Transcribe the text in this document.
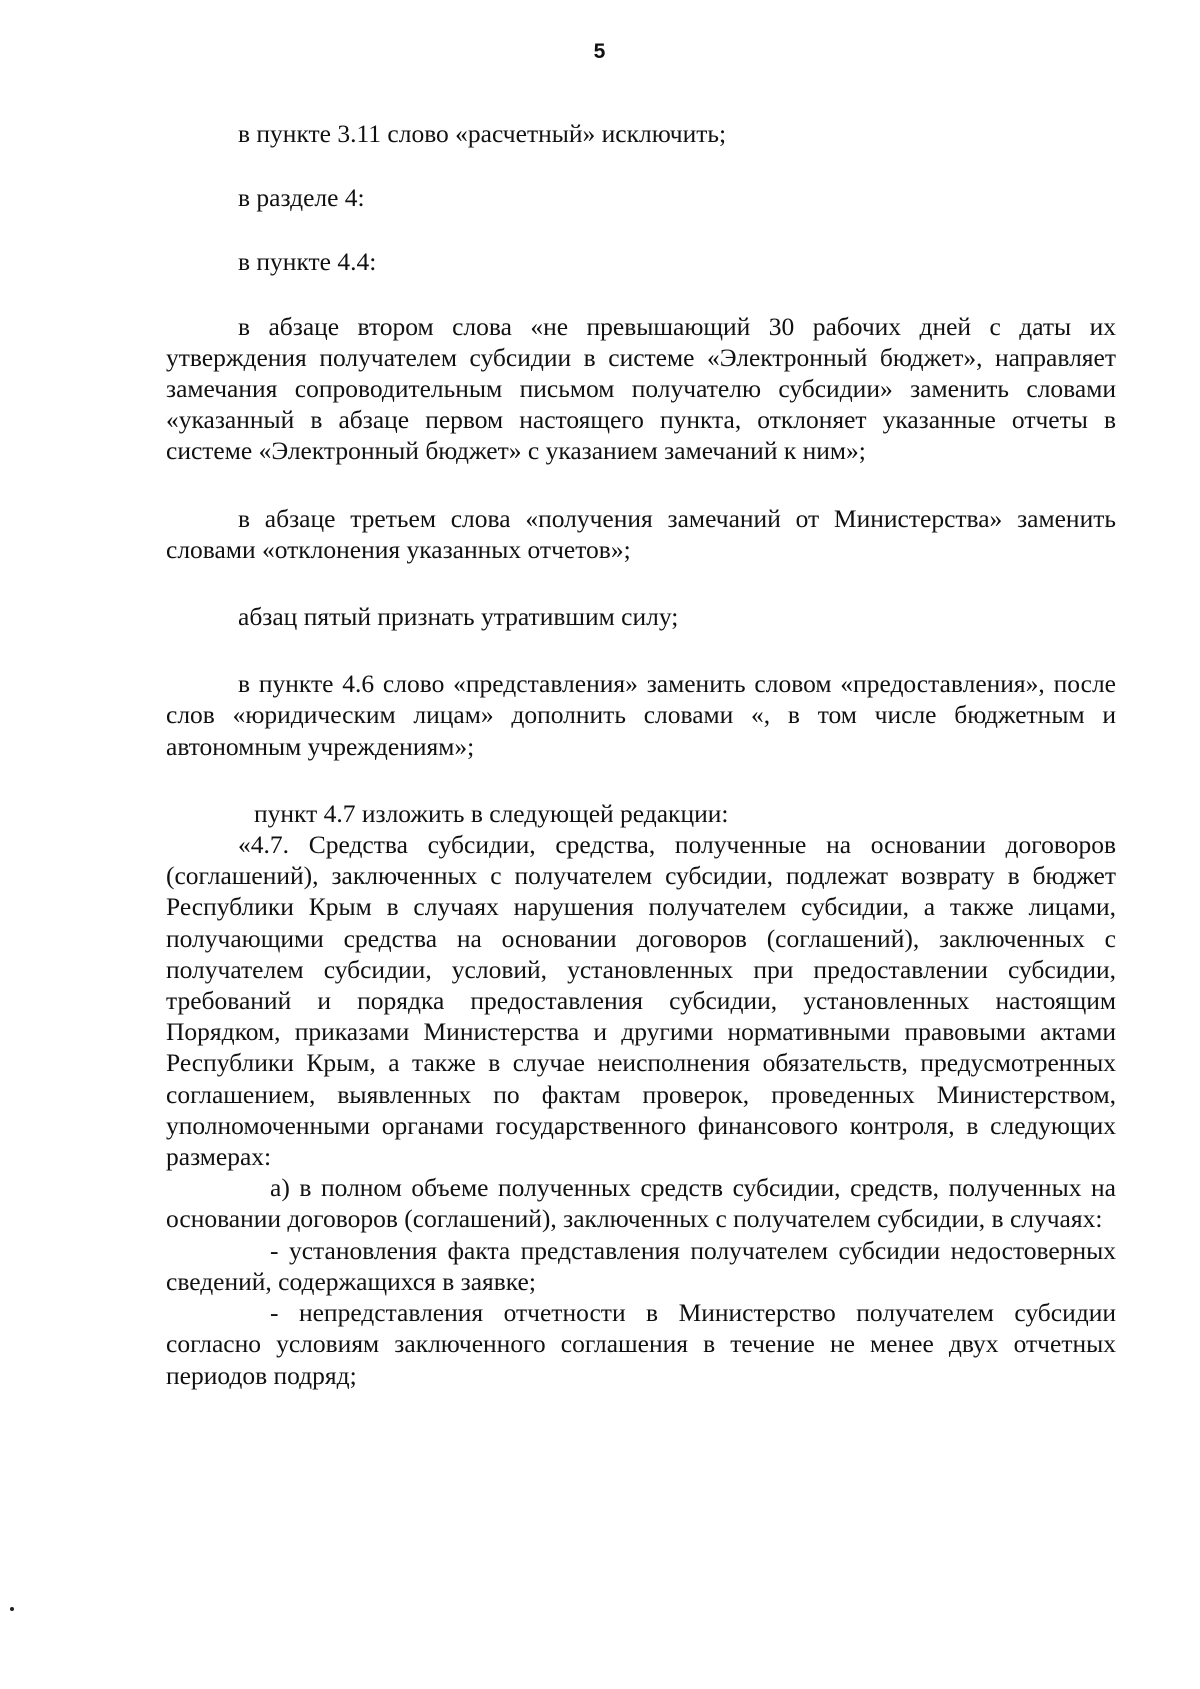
5

в пункте 3.11 слово «расчетный» исключить;

в разделе 4:

в пункте 4.4:

в абзаце втором слова «не превышающий 30 рабочих дней с даты их утверждения получателем субсидии в системе «Электронный бюджет», направляет замечания сопроводительным письмом получателю субсидии» заменить словами «указанный в абзаце первом настоящего пункта, отклоняет указанные отчеты в системе «Электронный бюджет» с указанием замечаний к ним»;

в абзаце третьем слова «получения замечаний от Министерства» заменить словами «отклонения указанных отчетов»;

абзац пятый признать утратившим силу;

в пункте 4.6 слово «представления» заменить словом «предоставления», после слов «юридическим лицам» дополнить словами «, в том числе бюджетным и автономным учреждениям»;

пункт 4.7 изложить в следующей редакции:

«4.7. Средства субсидии, средства, полученные на основании договоров (соглашений), заключенных с получателем субсидии, подлежат возврату в бюджет Республики Крым в случаях нарушения получателем субсидии, а также лицами, получающими средства на основании договоров (соглашений), заключенных с получателем субсидии, условий, установленных при предоставлении субсидии, требований и порядка предоставления субсидии, установленных настоящим Порядком, приказами Министерства и другими нормативными правовыми актами Республики Крым, а также в случае неисполнения обязательств, предусмотренных соглашением, выявленных по фактам проверок, проведенных Министерством, уполномоченными органами государственного финансового контроля, в следующих размерах:

а) в полном объеме полученных средств субсидии, средств, полученных на основании договоров (соглашений), заключенных с получателем субсидии, в случаях:

- установления факта представления получателем субсидии недостоверных сведений, содержащихся в заявке;

- непредставления отчетности в Министерство получателем субсидии согласно условиям заключенного соглашения в течение не менее двух отчетных периодов подряд;
